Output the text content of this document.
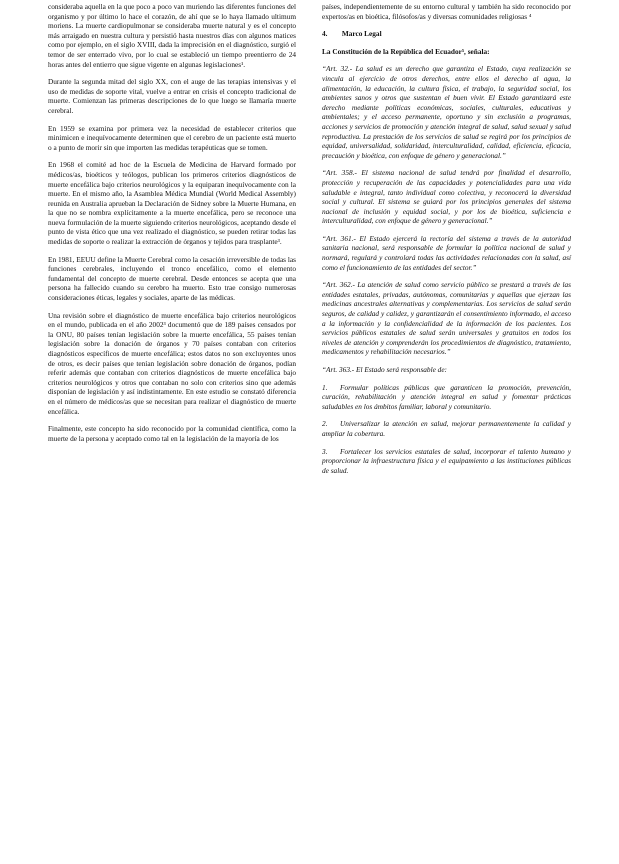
consideraba aquella en la que poco a poco van muriendo las diferentes funciones del organismo y por último lo hace el corazón, de ahí que se lo haya llamado ultimum moriens. La muerte cardiopulmonar se consideraba muerte natural y es el concepto más arraigado en nuestra cultura y persistió hasta nuestros días con algunos matices como por ejemplo, en el siglo XVIII, dada la imprecisión en el diagnóstico, surgió el temor de ser enterrado vivo, por lo cual se estableció un tiempo preentierro de 24 horas antes del entierro que sigue vigente en algunas legislaciones¹.

Durante la segunda mitad del siglo XX, con el auge de las terapias intensivas y el uso de medidas de soporte vital, vuelve a entrar en crisis el concepto tradicional de muerte. Comienzan las primeras descripciones de lo que luego se llamaría muerte cerebral.

En 1959 se examina por primera vez la necesidad de establecer criterios que minimicen e inequívocamente determinen que el cerebro de un paciente está muerto o a punto de morir sin que importen las medidas terapéuticas que se tomen.

En 1968 el comité ad hoc de la Escuela de Medicina de Harvard formado por médicos/as, bioéticos y teólogos, publican los primeros criterios diagnósticos de muerte encefálica bajo criterios neurológicos y la equiparan inequívocamente con la muerte. En el mismo año, la Asamblea Médica Mundial (World Medical Assembly) reunida en Australia aprueban la Declaración de Sidney sobre la Muerte Humana, en la que no se nombra explícitamente a la muerte encefálica, pero se reconoce una nueva formulación de la muerte siguiendo criterios neurológicos, aceptando desde el punto de vista ético que una vez realizado el diagnóstico, se pueden retirar todas las medidas de soporte o realizar la extracción de órganos y tejidos para trasplante³.

En 1981, EEUU define la Muerte Cerebral como la cesación irreversible de todas las funciones cerebrales, incluyendo el tronco encefálico, como el elemento fundamental del concepto de muerte cerebral. Desde entonces se acepta que una persona ha fallecido cuando su cerebro ha muerto. Esto trae consigo numerosas consideraciones éticas, legales y sociales, aparte de las médicas.

Una revisión sobre el diagnóstico de muerte encefálica bajo criterios neurológicos en el mundo, publicada en el año 2002³ documentó que de 189 países censados por la ONU, 80 países tenían legislación sobre la muerte encefálica, 55 países tenían legislación sobre la donación de órganos y 70 países contaban con criterios diagnósticos específicos de muerte encefálica; estos datos no son excluyentes unos de otros, es decir países que tenían legislación sobre donación de órganos, podían referir además que contaban con criterios diagnósticos de muerte encefálica bajo criterios neurológicos y otros que contaban no solo con criterios sino que además disponían de legislación y así indistintamente. En este estudio se constató diferencia en el número de médicos/as que se necesitan para realizar el diagnóstico de muerte encefálica.

Finalmente, este concepto ha sido reconocido por la comunidad científica, como la muerte de la persona y aceptado como tal en la legislación de la mayoría de los

países, independientemente de su entorno cultural y también ha sido reconocido por expertos/as en bioética, filósofos/as y diversas comunidades religiosas ⁴

4. Marco Legal

La Constitución de la República del Ecuador⁵, señala:

“Art. 32.- La salud es un derecho que garantiza el Estado, cuya realización se vincula al ejercicio de otros derechos, entre ellos el derecho al agua, la alimentación, la educación, la cultura física, el trabajo, la seguridad social, los ambientes sanos y otros que sustentan el buen vivir. El Estado garantizará este derecho mediante políticas económicas, sociales, culturales, educativas y ambientales; y el acceso permanente, oportuno y sin exclusión a programas, acciones y servicios de promoción y atención integral de salud, salud sexual y salud reproductiva. La prestación de los servicios de salud se regirá por los principios de equidad, universalidad, solidaridad, interculturalidad, calidad, eficiencia, eficacia, precaución y bioética, con enfoque de género y generacional.”

“Art. 358.- El sistema nacional de salud tendrá por finalidad el desarrollo, protección y recuperación de las capacidades y potencialidades para una vida saludable e integral, tanto individual como colectiva, y reconocerá la diversidad social y cultural. El sistema se guiará por los principios generales del sistema nacional de inclusión y equidad social, y por los de bioética, suficiencia e interculturalidad, con enfoque de género y generacional.”

“Art. 361.- El Estado ejercerá la rectoría del sistema a través de la autoridad sanitaria nacional, será responsable de formular la política nacional de salud y normará, regulará y controlará todas las actividades relacionadas con la salud, así como el funcionamiento de las entidades del sector.”

“Art. 362.- La atención de salud como servicio público se prestará a través de las entidades estatales, privadas, autónomas, comunitarias y aquellas que ejerzan las medicinas ancestrales alternativas y complementarias. Los servicios de salud serán seguros, de calidad y calidez, y garantizarán el consentimiento informado, el acceso a la información y la confidencialidad de la información de los pacientes. Los servicios públicos estatales de salud serán universales y gratuitos en todos los niveles de atención y comprenderán los procedimientos de diagnóstico, tratamiento, medicamentos y rehabilitación necesarios.”

“Art. 363.- El Estado será responsable de:

1. Formular políticas públicas que garanticen la promoción, prevención, curación, rehabilitación y atención integral en salud y fomentar prácticas saludables en los ámbitos familiar, laboral y comunitario.

2. Universalizar la atención en salud, mejorar permanentemente la calidad y ampliar la cobertura.

3. Fortalecer los servicios estatales de salud, incorporar el talento humano y proporcionar la infraestructura física y el equipamiento a las instituciones públicas de salud.
